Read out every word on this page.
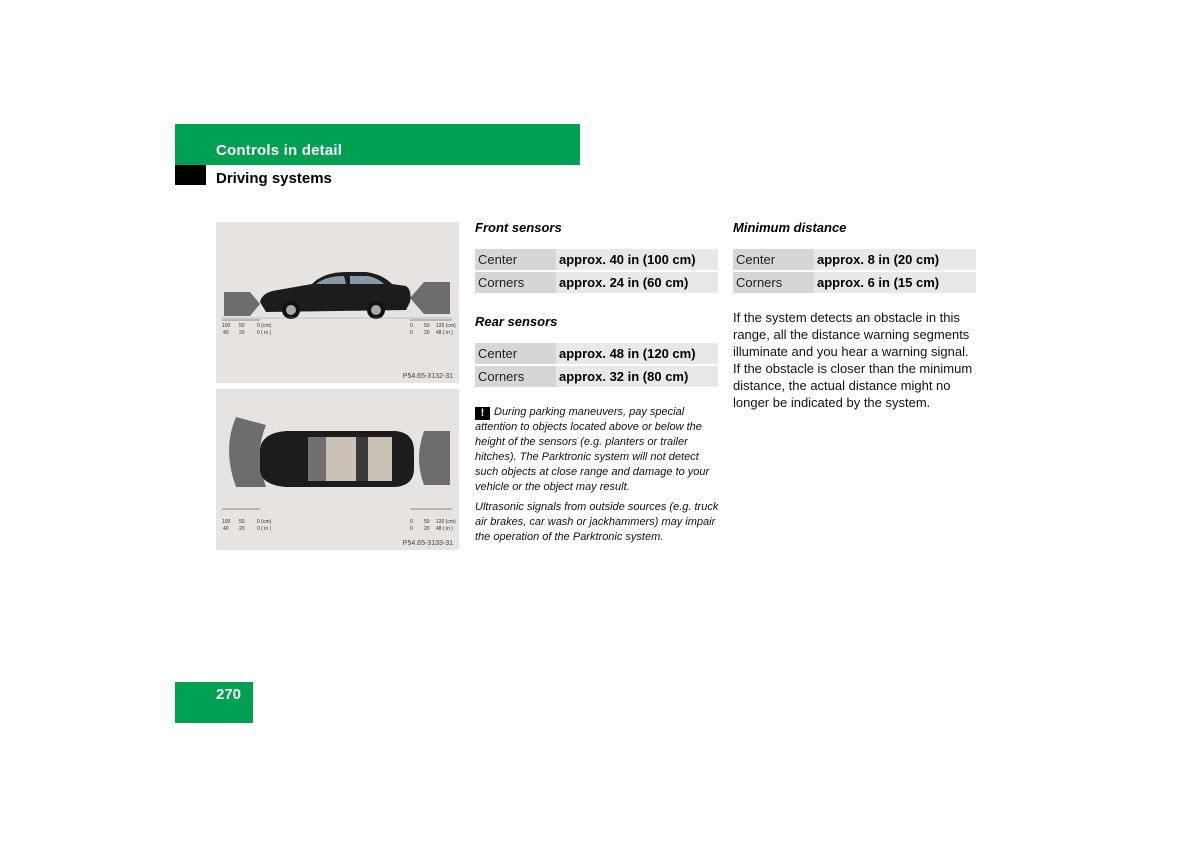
Controls in detail
Driving systems
100 50 0 (cm)
40 20 0 ( in )
0 50 120 (cm)
0 20 48 ( in )
P54.65-3132-31
100 50 0 (cm)
40 20 0 ( in )
0 50 120 (cm)
0 20 48 ( in )
P54.65-3133-31

Front sensors

Center	approx. 40 in (100 cm)
Corners	approx. 24 in (60 cm)

Rear sensors

Center	approx. 48 in (120 cm)
Corners	approx. 32 in (80 cm)
! During parking maneuvers, pay special attention to objects located above or below the height of the sensors (e.g. planters or trailer hitches). The Parktronic system will not detect such objects at close range and damage to your vehicle or the object may result.
Ultrasonic signals from outside sources (e.g. truck air brakes, car wash or jackhammers) may impair the operation of the Parktronic system.

Minimum distance

Center	approx. 8 in (20 cm)
Corners	approx. 6 in (15 cm)
If the system detects an obstacle in this range, all the distance warning segments illuminate and you hear a warning signal. If the obstacle is closer than the minimum distance, the actual distance might no longer be indicated by the system.
270
